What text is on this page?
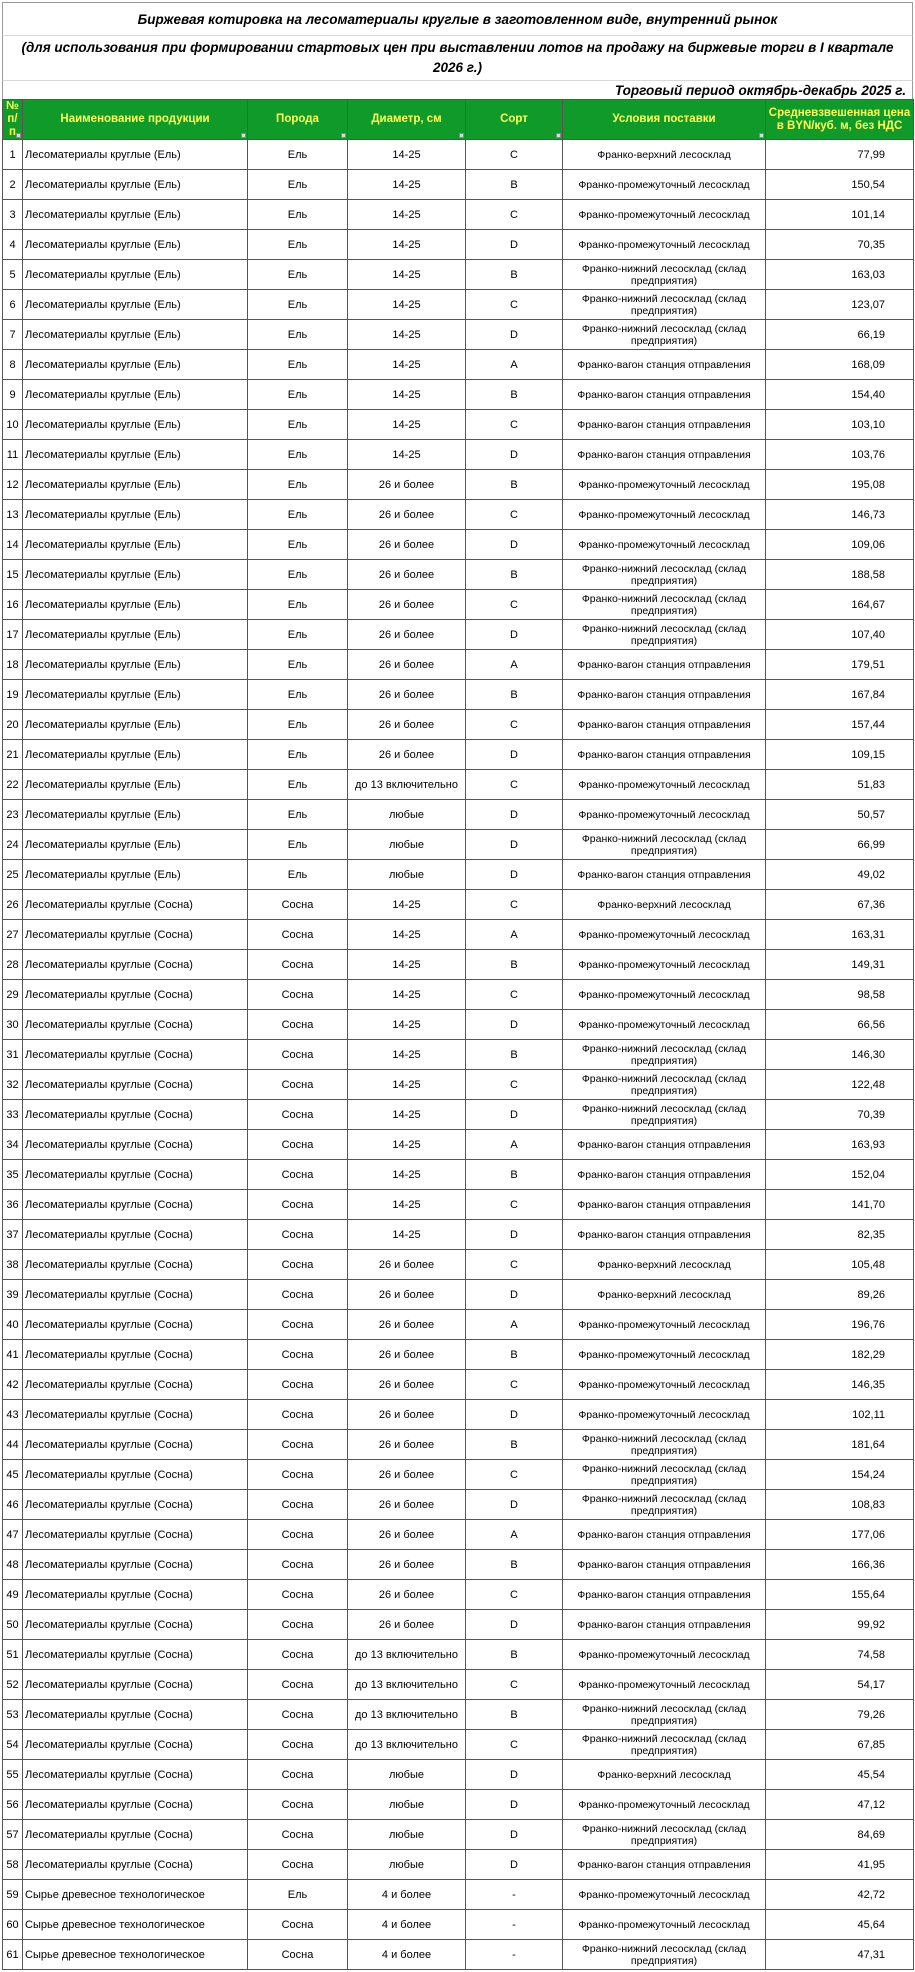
Биржевая котировка на лесоматериалы круглые в заготовленном виде, внутренний рынок
(для использования при формировании стартовых цен при выставлении лотов на продажу на биржевые торги в I квартале 2026 г.)
Торговый период октябрь-декабрь 2025 г.
№ п/п	Наименование продукции	Порода	Диаметр, см	Сорт	Условия поставки	Средневзвешенная цена в BYN/куб. м, без НДС
1	Лесоматериалы круглые (Ель)	Ель	14-25	C	Франко-верхний лесосклад	77,99
2	Лесоматериалы круглые (Ель)	Ель	14-25	B	Франко-промежуточный лесосклад	150,54
3	Лесоматериалы круглые (Ель)	Ель	14-25	C	Франко-промежуточный лесосклад	101,14
4	Лесоматериалы круглые (Ель)	Ель	14-25	D	Франко-промежуточный лесосклад	70,35
5	Лесоматериалы круглые (Ель)	Ель	14-25	B	Франко-нижний лесосклад (склад предприятия)	163,03
6	Лесоматериалы круглые (Ель)	Ель	14-25	C	Франко-нижний лесосклад (склад предприятия)	123,07
7	Лесоматериалы круглые (Ель)	Ель	14-25	D	Франко-нижний лесосклад (склад предприятия)	66,19
8	Лесоматериалы круглые (Ель)	Ель	14-25	A	Франко-вагон станция отправления	168,09
9	Лесоматериалы круглые (Ель)	Ель	14-25	B	Франко-вагон станция отправления	154,40
10	Лесоматериалы круглые (Ель)	Ель	14-25	C	Франко-вагон станция отправления	103,10
11	Лесоматериалы круглые (Ель)	Ель	14-25	D	Франко-вагон станция отправления	103,76
12	Лесоматериалы круглые (Ель)	Ель	26 и более	B	Франко-промежуточный лесосклад	195,08
13	Лесоматериалы круглые (Ель)	Ель	26 и более	C	Франко-промежуточный лесосклад	146,73
14	Лесоматериалы круглые (Ель)	Ель	26 и более	D	Франко-промежуточный лесосклад	109,06
15	Лесоматериалы круглые (Ель)	Ель	26 и более	B	Франко-нижний лесосклад (склад предприятия)	188,58
16	Лесоматериалы круглые (Ель)	Ель	26 и более	C	Франко-нижний лесосклад (склад предприятия)	164,67
17	Лесоматериалы круглые (Ель)	Ель	26 и более	D	Франко-нижний лесосклад (склад предприятия)	107,40
18	Лесоматериалы круглые (Ель)	Ель	26 и более	A	Франко-вагон станция отправления	179,51
19	Лесоматериалы круглые (Ель)	Ель	26 и более	B	Франко-вагон станция отправления	167,84
20	Лесоматериалы круглые (Ель)	Ель	26 и более	C	Франко-вагон станция отправления	157,44
21	Лесоматериалы круглые (Ель)	Ель	26 и более	D	Франко-вагон станция отправления	109,15
22	Лесоматериалы круглые (Ель)	Ель	до 13 включительно	C	Франко-промежуточный лесосклад	51,83
23	Лесоматериалы круглые (Ель)	Ель	любые	D	Франко-промежуточный лесосклад	50,57
24	Лесоматериалы круглые (Ель)	Ель	любые	D	Франко-нижний лесосклад (склад предприятия)	66,99
25	Лесоматериалы круглые (Ель)	Ель	любые	D	Франко-вагон станция отправления	49,02
26	Лесоматериалы круглые (Сосна)	Сосна	14-25	C	Франко-верхний лесосклад	67,36
27	Лесоматериалы круглые (Сосна)	Сосна	14-25	A	Франко-промежуточный лесосклад	163,31
28	Лесоматериалы круглые (Сосна)	Сосна	14-25	B	Франко-промежуточный лесосклад	149,31
29	Лесоматериалы круглые (Сосна)	Сосна	14-25	C	Франко-промежуточный лесосклад	98,58
30	Лесоматериалы круглые (Сосна)	Сосна	14-25	D	Франко-промежуточный лесосклад	66,56
31	Лесоматериалы круглые (Сосна)	Сосна	14-25	B	Франко-нижний лесосклад (склад предприятия)	146,30
32	Лесоматериалы круглые (Сосна)	Сосна	14-25	C	Франко-нижний лесосклад (склад предприятия)	122,48
33	Лесоматериалы круглые (Сосна)	Сосна	14-25	D	Франко-нижний лесосклад (склад предприятия)	70,39
34	Лесоматериалы круглые (Сосна)	Сосна	14-25	A	Франко-вагон станция отправления	163,93
35	Лесоматериалы круглые (Сосна)	Сосна	14-25	B	Франко-вагон станция отправления	152,04
36	Лесоматериалы круглые (Сосна)	Сосна	14-25	C	Франко-вагон станция отправления	141,70
37	Лесоматериалы круглые (Сосна)	Сосна	14-25	D	Франко-вагон станция отправления	82,35
38	Лесоматериалы круглые (Сосна)	Сосна	26 и более	C	Франко-верхний лесосклад	105,48
39	Лесоматериалы круглые (Сосна)	Сосна	26 и более	D	Франко-верхний лесосклад	89,26
40	Лесоматериалы круглые (Сосна)	Сосна	26 и более	A	Франко-промежуточный лесосклад	196,76
41	Лесоматериалы круглые (Сосна)	Сосна	26 и более	B	Франко-промежуточный лесосклад	182,29
42	Лесоматериалы круглые (Сосна)	Сосна	26 и более	C	Франко-промежуточный лесосклад	146,35
43	Лесоматериалы круглые (Сосна)	Сосна	26 и более	D	Франко-промежуточный лесосклад	102,11
44	Лесоматериалы круглые (Сосна)	Сосна	26 и более	B	Франко-нижний лесосклад (склад предприятия)	181,64
45	Лесоматериалы круглые (Сосна)	Сосна	26 и более	C	Франко-нижний лесосклад (склад предприятия)	154,24
46	Лесоматериалы круглые (Сосна)	Сосна	26 и более	D	Франко-нижний лесосклад (склад предприятия)	108,83
47	Лесоматериалы круглые (Сосна)	Сосна	26 и более	A	Франко-вагон станция отправления	177,06
48	Лесоматериалы круглые (Сосна)	Сосна	26 и более	B	Франко-вагон станция отправления	166,36
49	Лесоматериалы круглые (Сосна)	Сосна	26 и более	C	Франко-вагон станция отправления	155,64
50	Лесоматериалы круглые (Сосна)	Сосна	26 и более	D	Франко-вагон станция отправления	99,92
51	Лесоматериалы круглые (Сосна)	Сосна	до 13 включительно	B	Франко-промежуточный лесосклад	74,58
52	Лесоматериалы круглые (Сосна)	Сосна	до 13 включительно	C	Франко-промежуточный лесосклад	54,17
53	Лесоматериалы круглые (Сосна)	Сосна	до 13 включительно	B	Франко-нижний лесосклад (склад предприятия)	79,26
54	Лесоматериалы круглые (Сосна)	Сосна	до 13 включительно	C	Франко-нижний лесосклад (склад предприятия)	67,85
55	Лесоматериалы круглые (Сосна)	Сосна	любые	D	Франко-верхний лесосклад	45,54
56	Лесоматериалы круглые (Сосна)	Сосна	любые	D	Франко-промежуточный лесосклад	47,12
57	Лесоматериалы круглые (Сосна)	Сосна	любые	D	Франко-нижний лесосклад (склад предприятия)	84,69
58	Лесоматериалы круглые (Сосна)	Сосна	любые	D	Франко-вагон станция отправления	41,95
59	Сырье древесное технологическое	Ель	4 и более	-	Франко-промежуточный лесосклад	42,72
60	Сырье древесное технологическое	Сосна	4 и более	-	Франко-промежуточный лесосклад	45,64
61	Сырье древесное технологическое	Сосна	4 и более	-	Франко-нижний лесосклад (склад предприятия)	47,31
